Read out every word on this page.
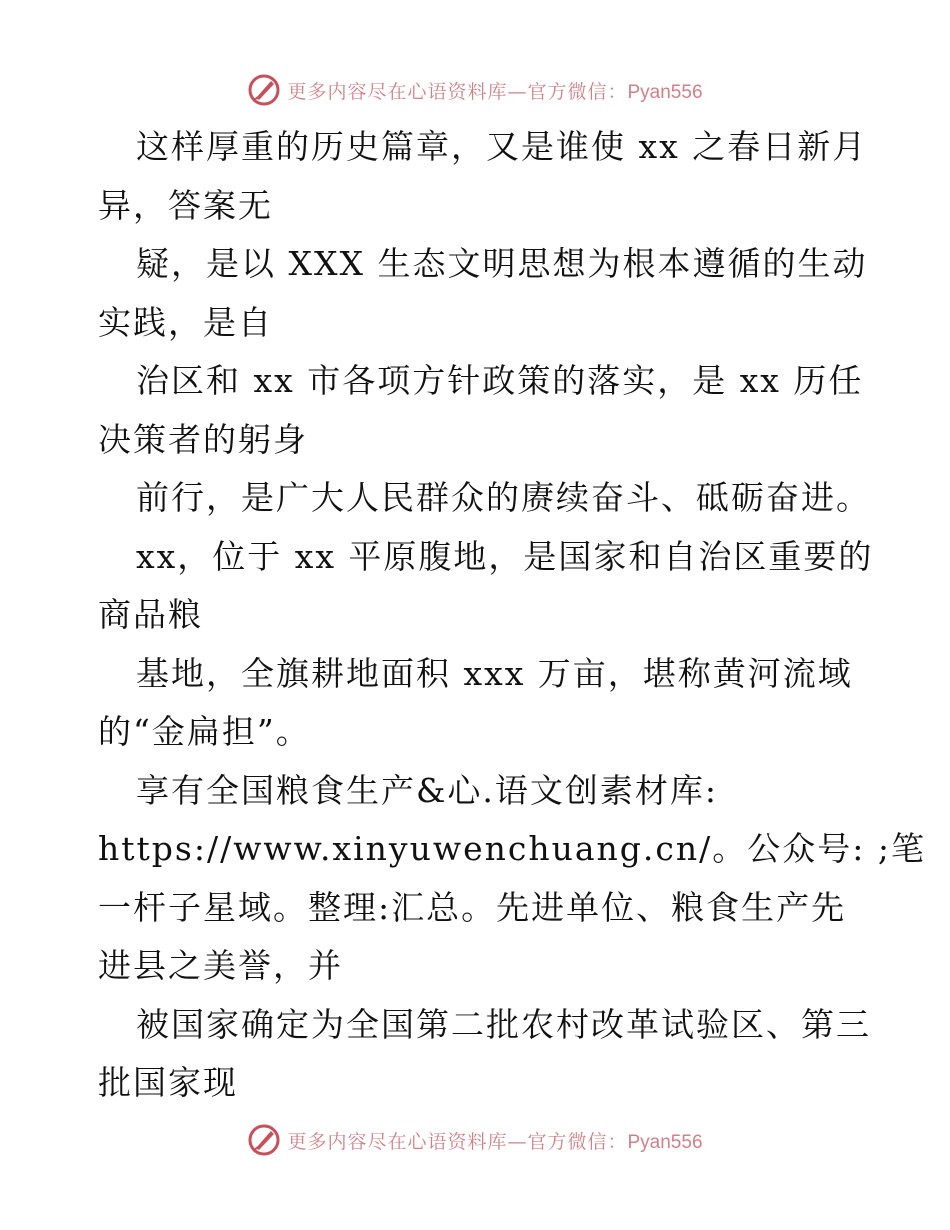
更多内容尽在心语资料库—官方微信：Pyan556
这样厚重的历史篇章，又是谁使 xx 之春日新月
异，答案无
疑，是以 XXX 生态文明思想为根本遵循的生动
实践，是自
治区和 xx 市各项方针政策的落实，是 xx 历任
决策者的躬身
前行，是广大人民群众的赓续奋斗、砥砺奋进。
xx，位于 xx 平原腹地，是国家和自治区重要的
商品粮
基地，全旗耕地面积 xxx 万亩，堪称黄河流域
的“金扁担”。
享有全国粮食生产&心.语文创素材库:
https://www.xinyuwenchuang.cn/。公众号: ;笔
一杆子星域。整理:汇总。先进单位、粮食生产先
进县之美誉，并
被国家确定为全国第二批农村改革试验区、第三
批国家现
更多内容尽在心语资料库—官方微信：Pyan556
